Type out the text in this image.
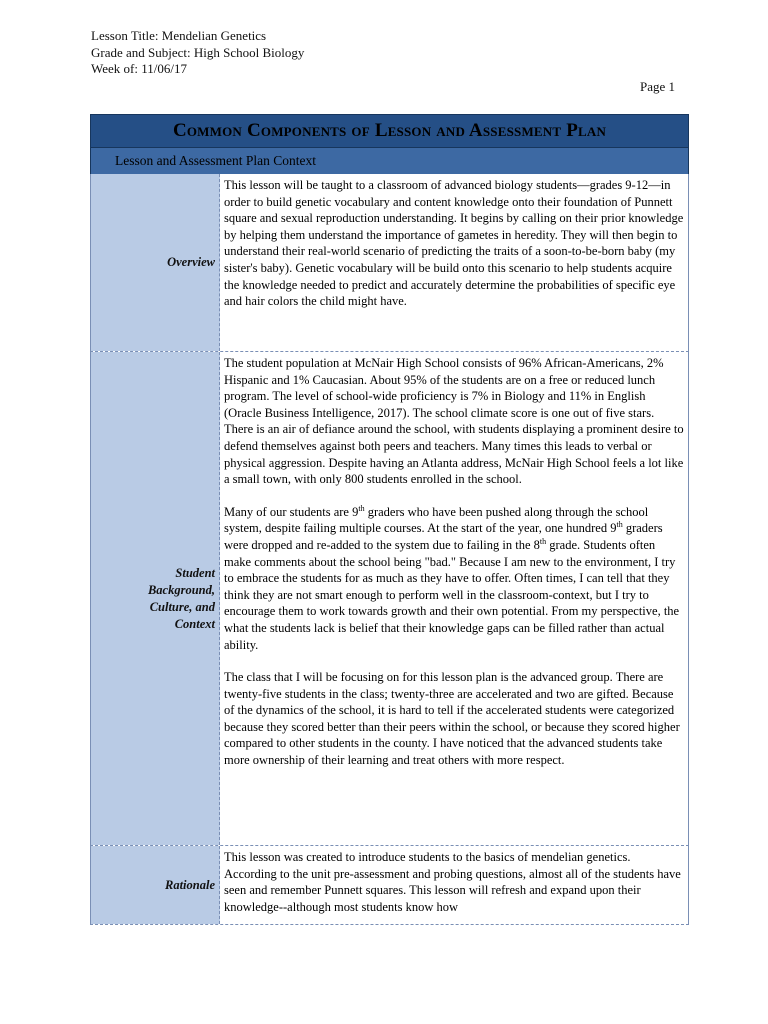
Lesson Title: Mendelian Genetics
Grade and Subject: High School Biology
Week of: 11/06/17
Page 1
Common Components of Lesson and Assessment Plan
Lesson and Assessment Plan Context
Overview

This lesson will be taught to a classroom of advanced biology students—grades 9-12—in order to build genetic vocabulary and content knowledge onto their foundation of Punnett square and sexual reproduction understanding. It begins by calling on their prior knowledge by helping them understand the importance of gametes in heredity. They will then begin to understand their real-world scenario of predicting the traits of a soon-to-be-born baby (my sister's baby). Genetic vocabulary will be build onto this scenario to help students acquire the knowledge needed to predict and accurately determine the probabilities of specific eye and hair colors the child might have.

Student
Background,
Culture, and
Context

The student population at McNair High School consists of 96% African-Americans, 2% Hispanic and 1% Caucasian. About 95% of the students are on a free or reduced lunch program. The level of school-wide proficiency is 7% in Biology and 11% in English (Oracle Business Intelligence, 2017). The school climate score is one out of five stars. There is an air of defiance around the school, with students displaying a prominent desire to defend themselves against both peers and teachers. Many times this leads to verbal or physical aggression. Despite having an Atlanta address, McNair High School feels a lot like a small town, with only 800 students enrolled in the school.

Many of our students are 9th graders who have been pushed along through the school system, despite failing multiple courses. At the start of the year, one hundred 9th graders were dropped and re-added to the system due to failing in the 8th grade. Students often make comments about the school being "bad." Because I am new to the environment, I try to embrace the students for as much as they have to offer. Often times, I can tell that they think they are not smart enough to perform well in the classroom-context, but I try to encourage them to work towards growth and their own potential. From my perspective, the what the students lack is belief that their knowledge gaps can be filled rather than actual ability.

The class that I will be focusing on for this lesson plan is the advanced group. There are twenty-five students in the class; twenty-three are accelerated and two are gifted. Because of the dynamics of the school, it is hard to tell if the accelerated students were categorized because they scored better than their peers within the school, or because they scored higher compared to other students in the county. I have noticed that the advanced students take more ownership of their learning and treat others with more respect.

Rationale

This lesson was created to introduce students to the basics of mendelian genetics. According to the unit pre-assessment and probing questions, almost all of the students have seen and remember Punnett squares. This lesson will refresh and expand upon their knowledge--although most students know how
